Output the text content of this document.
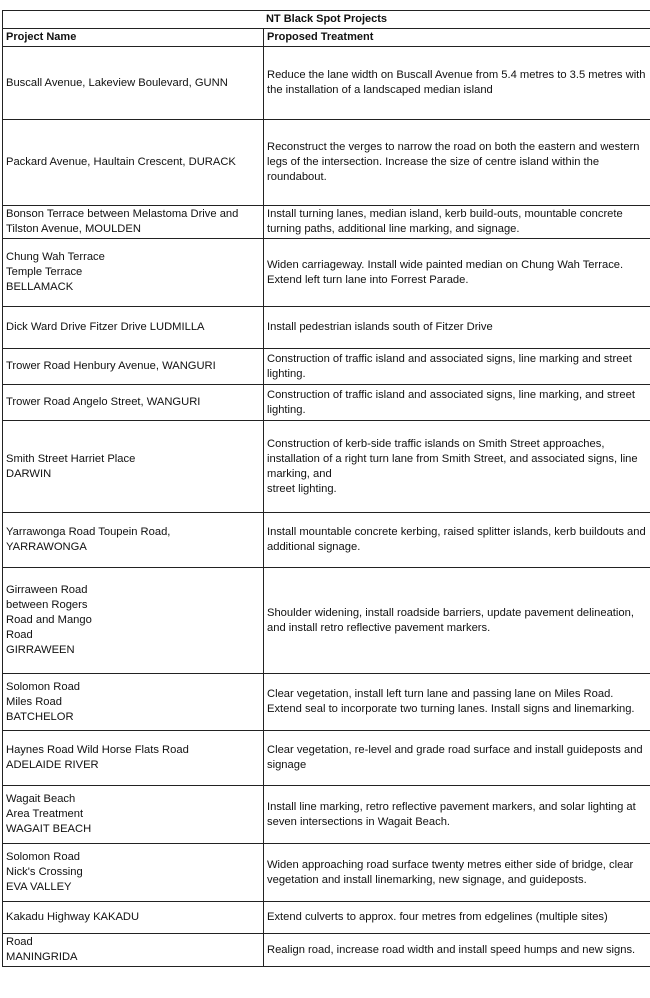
NT Black Spot Projects	
Project Name	Proposed Treatment
Buscall Avenue, Lakeview Boulevard, GUNN	Reduce the lane width on Buscall Avenue from 5.4 metres to 3.5 metres with the installation of a landscaped median island
Packard Avenue, Haultain Crescent, DURACK	Reconstruct the verges to narrow the road on both the eastern and western legs of the intersection. Increase the size of centre island within the roundabout.
Bonson Terrace between Melastoma Drive and Tilston Avenue, MOULDEN	Install turning lanes, median island, kerb build-outs, mountable concrete turning paths, additional line marking, and signage.
Chung Wah Terrace
Temple Terrace
BELLAMACK	Widen carriageway. Install wide painted median on Chung Wah Terrace. Extend left turn lane into Forrest Parade.
Dick Ward Drive Fitzer Drive LUDMILLA	Install pedestrian islands south of Fitzer Drive
Trower Road Henbury Avenue, WANGURI	Construction of traffic island and associated signs, line marking and street lighting.
Trower Road Angelo Street, WANGURI	Construction of traffic island and associated signs, line marking, and street lighting.
Smith Street Harriet Place
DARWIN	Construction of kerb-side traffic islands on Smith Street approaches, installation of a right turn lane from Smith Street, and associated signs, line marking, and
street lighting.
Yarrawonga Road Toupein Road,
YARRAWONGA	Install mountable concrete kerbing, raised splitter islands, kerb buildouts and additional signage.
Girraween Road
between Rogers
Road and Mango
Road
GIRRAWEEN	Shoulder widening, install roadside barriers, update pavement delineation, and install retro reflective pavement markers.
Solomon Road
Miles Road
BATCHELOR	Clear vegetation, install left turn lane and passing lane on Miles Road. Extend seal to incorporate two turning lanes. Install signs and linemarking.
Haynes Road Wild Horse Flats Road
ADELAIDE RIVER	Clear vegetation, re-level and grade road surface and install guideposts and signage
Wagait Beach
Area Treatment
WAGAIT BEACH	Install line marking, retro reflective pavement markers, and solar lighting at seven intersections in Wagait Beach.
Solomon Road
Nick's Crossing
EVA VALLEY	Widen approaching road surface twenty metres either side of bridge, clear vegetation and install linemarking, new signage, and guideposts.
Kakadu Highway KAKADU	Extend culverts to approx. four metres from edgelines (multiple sites)
Road
MANINGRIDA	Realign road, increase road width and install speed humps and new signs.
